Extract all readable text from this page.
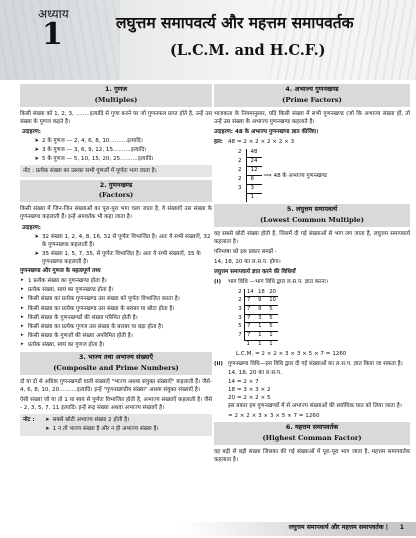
अध्याय
1	लघुत्तम समापवर्त्य और महत्तम समापवर्तक
(L.C.M. and H.C.F.)
1. गुणज
(Multiples)

किसी संख्या को 1, 2, 3, ........इत्यादि से गुणा करने पर जो गुणनफल प्राप्त होते है, उन्हें उस संख्या के गुणज कहते है।

उदाहरण:
➤ 2 के गुणज — 2, 4, 6, 8, 10..........इत्यादि।
➤ 3 के गुणज — 3, 6, 9, 12, 15..........इत्यादि।
➤ 5 के गुणज — 5, 10, 15, 20, 25..........इत्यादि।
नोट : प्रत्येक संख्या का उसका सभी गुणजों में पूर्णतः भाग जाता है।
2. गुणनखण्ड
(Factors)

किसी संख्या में जिन-जिन संख्याओं का पूरा-पूरा भाग चला जाता है, वे संख्याएँ उस संख्या के गुणनखण्ड कहलाती हैं। इन्हें अपवर्तक भी कहा जाता है।

उदाहरण:
➤ 32 संख्या 1, 2, 4, 8, 16, 32 से पूर्णतः विभाजित है। अतः ये सभी संख्याएँ, 32 के गुणनखण्ड कहलाती हैं।
➤ 35 संख्या 1, 5, 7, 35, से पूर्णतः विभाजित है। अतः ये सभी संख्याएँ, 35 के गुणनखण्ड कहलाती है।

गुणनखण्ड और गुणज के महत्वपूर्ण तथ्य

▸ 1 प्रत्येक संख्या का गुणनखण्ड होता है।
▸ प्रत्येक संख्या, स्वयं का गुणनखण्ड होता है।
▸ किसी संख्या का प्रत्येक गुणनखण्ड उस संख्या को पूर्णतः विभाजित करता है।
▸ किसी संख्या का प्रत्येक गुणनखण्ड उस संख्या के बराबर या छोटा होता है।
▸ किसी संख्या के गुणनखण्डों की संख्या परिमित होती है।
▸ किसी संख्या का प्रत्येक गुणज उस संख्या के बराबर या बड़ा होता है।
▸ किसी संख्या के गुणजों की संख्या अपरिमित होती है।
▸ प्रत्येक संख्या, स्वयं का गुणज होता है।
3. भाज्य तथा अभाज्य संख्याएँ
(Composite and Prime Numbers)

दो या दो से अधिक गुणनखण्डों वाली संख्याएँ "भाज्य अथवा संयुक्त संख्याएँ" कहलाती हैं। जैसे- 4, 6, 8, 10, 20..........इत्यादि। इन्हें "गुणनखण्डीय संख्या" अथवा संयुक्त संख्याएँ है।

ऐसी संख्या जो या तो 1 या स्वयं से पूर्णतः विभाजित होती है, अभाज्य संख्याएँ कहलाती है। जैसे - 2, 3, 5, 7, 11 इत्यादि। इन्हें रूढ़ संख्या अथवा अभाज्य संख्याएँ है।

नोट :	➤ सबसे छोटी अभाज्य संख्या 2 होती है।
➤ 1 न तो भाज्य संख्या है और न ही अभाज्य संख्या है।
4. अभाज्य गुणनखण्ड
(Prime Factors)

भाजकता के नियमानुसार, यदि किसी संख्या में सभी गुणनखण्ड (जो कि अभाज्य संख्या हों, तो उन्हें उस संख्या के अभाज्य गुणनखण्ड कहलाते है।

उदाहरण: 48 के अभाज्य गुणनखण्ड ज्ञात कीजिए।

हल: 48 = 2 × 2 × 2 × 2 × 3
2	48
2	24
2	12
2	6
3	3
	1
⟹ 48 के अभाज्य गुणनखण्ड
5. लघुत्तम समापवर्त्य
(Lowest Common Multiple)

वह सबसे छोटी संख्या होती है, जिसमें दी गई संख्याओं से भाग लग जाता है, लघुत्तम समापवर्त्य कहलाता है।

परिभाषा को इस प्रकार समझें -

14, 18, 20 का ल.स.प. होगा।

लघुत्तम समापवर्त्य ज्ञात करने की विधियाँ

(i)	भाग विधि —भाग विधि द्वारा ल.स.प. ज्ञात करना।
2	14	18	20
2	7	9	10
3	7	9	5
3	7	3	5
5	7	1	5
7	7	1	1
	1	1	1

L.C.M. = 2 × 2 × 3 × 3 × 5 × 7 = 1260

(ii) गुणनखण्ड विधि—इस विधि द्वारा दी गई संख्याओं का ल.स.प. ज्ञात किया जा सकता है।
14, 18, 20 का ल.स.प.
14 = 2 × 7
18 = 3 × 3 × 2
20 = 2 × 2 × 5

इस प्रकार हम गुणनखण्डों में से अभाज्य संख्याओं की सर्वाधिक घात को लिया जाता है।

= 2 × 2 × 3 × 3 × 5 × 7 = 1260

6. महत्तम समापवर्तक
(Highest Comman Factor)

वह बड़ी से बड़ी संख्या जिसका की गई संख्याओं में पूरा-पूरा भाग जाता है, महत्तम समापवर्तक कहलाता है।

लघुत्तम समापवर्त्य और महत्तम समापवर्तक | 1
